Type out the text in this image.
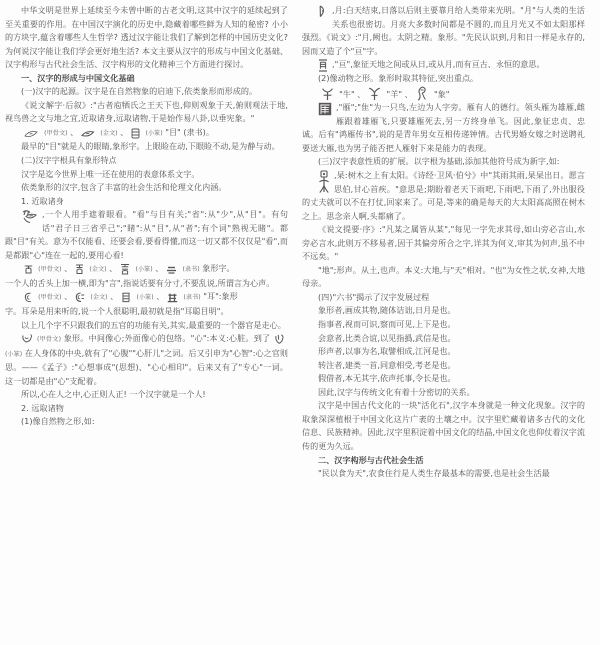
中华文明是世界上延续至今未曾中断的古老文明,这其中汉字的延续起到了至关重要的作用。在中国汉字演化的历史中,隐藏着哪些鲜为人知的秘密? 小小的方块字,蕴含着哪些人生哲学? 透过汉字能让我们了解到怎样的中国历史文化? 为何说汉字能让我们学会更好地生活? 本文主要从汉字的形成与中国文化基础、汉字构形与古代社会生活、汉字构形的文化精神三个方面进行探讨。

一、汉字的形成与中国文化基础

(一)汉字的起源。汉字是在自然物象的启迪下,依类象形而形成的。

《说文解字·后叙》:"古者庖牺氏之王天下也,仰则观象于天,俯则观法于地,视鸟兽之文与地之宜,近取诸身,远取诸物,于是始作易八卦,以垂宪象。"

(甲骨文) 、	(金文) 、	(小篆) "目" (隶书)。

最早的"目"就是人的眼睛,象形字。上眼睑在动,下眼睑不动,是为静与动。

(二)汉字字根具有象形特点

汉字是迄今世界上唯一还在使用的表意体系文字。

依类象形的汉字,包含了丰富的社会生活和伦理文化内涵。

1. 近取诸身

,一个人用手遮着眼看。"看"与目有关;"省":从"少",从"目"。有句话"君子日三省乎己";"睹":从"目",从"者";有个词"熟视无睹"。都跟"目"有关。意为不仅能看、还要会看,要看得懂,而这一切又都不仅仅是"看",而是都跟"心"连在一起的,要用心看!

(甲骨文) 、	(金文) 、	(小篆) 、	(隶书) 象形字。

一个人的舌头上加一横,即为"言",指说话要有分寸,不要乱说,所谓言为心声。

(甲骨文) 、	(金文) 、	(小篆) 、	(隶书) "耳":象形

字。耳朵是用来听的,说一个人很聪明,最初就是指"耳聪目明"。

以上几个字不只跟我们的五官的功能有关,其实,最重要的一个器官是走心。

(甲骨文) 象形。中间像心;外面像心的包络。"心":本义:心脏。到了
(小篆) 在人身体的中央,就有了"心腹""心肝儿"之词。后又引申为"心智":心之官则思。——《孟子》:"心想事成"(思想)、"心心相印"。后来又有了"专心"一词。这一切都是由"心"支配着。

所以,心在人之中,心正则人正! 一个汉字就是一个人!

2. 远取诸物

(1)像自然物之形,如:

,月:白天结束,日落以后则主要靠月给人类带来光明。"月"与人类的生活关系也很密切。月亮大多数时间都是不圆的,而且月光又不如太阳那样强烈。《说文》:"月,阙也。太阴之精。象形。"先民认识到,月和日一样是永存的,因而又造了个"亘"字。

,"亘",象征天地之间或从日,或从月,而有亘古、永恒的意思。

(2)像动物之形。象形时取其特征,突出重点。

"牛" 、	"羊" 、	"象"

,"雁";"隹"为一只鸟,左边为人字旁。雁有人的德行。领头雁为雄雁,雌雁跟着雄雁飞,只要雄雁死去,另一方终身单飞。因此,象征忠贞、忠诚。后有"鸿雁传书",说的是青年男女互相传递钟情。古代男婚女嫁之时送聘礼要送大雁,也为男子能否把人雁射下来是能力的表现。

(三)汉字表意性质的扩展。以字根为基础,添加其他符号成为新字,如:

,杲:树木之上有太阳。《诗经·卫风·伯兮》中"其雨其雨,杲杲出日。愿言思伯,甘心首疾。"意思是;期盼着老天下雨吧,下雨吧,下雨了,外出服役的丈夫就可以不在打仗,回家来了。可是,等来的确是每天的大太阳高高照在树木之上。思念亲人啊,头都痛了。

《说文提要·序》:"凡某之属皆从某","每见一字先求其母,如山旁必言山,水旁必言水,此则万不移易者,因于其偏旁所合之字,详其为何义,审其为何声,虽不中不远矣。"

"地";形声。从土,也声。本义:大地,与"天"相对。"也"为女性之状,女神,大地母亲。

(四)"六书"揭示了汉字发展过程

象形者,画成其物,随体诘诎,日月是也。

指事者,视而可识,察而可见,上下是也。

会意者,比类合谊,以见指撝,武信是也。

形声者,以事为名,取譬相成,江河是也。

转注者,建类一首,同意相受,考老是也。

假借者,本无其字,依声托事,令长是也。

因此,汉字与传统文化有着十分密切的关系。

汉字是中国古代文化的一块"活化石",汉字本身就是一种文化现象。汉字的取象深深植根于中国文化这片广袤的土壤之中。汉字里贮藏着诸多古代的文化信息、民族精神。因此,汉字里积淀着中国文化的结晶,中国文化也仰仗着汉字流传的更为久远。

二、汉字构形与古代社会生活

"民以食为天",农食住行是人类生存最基本的需要,也是社会生活最
